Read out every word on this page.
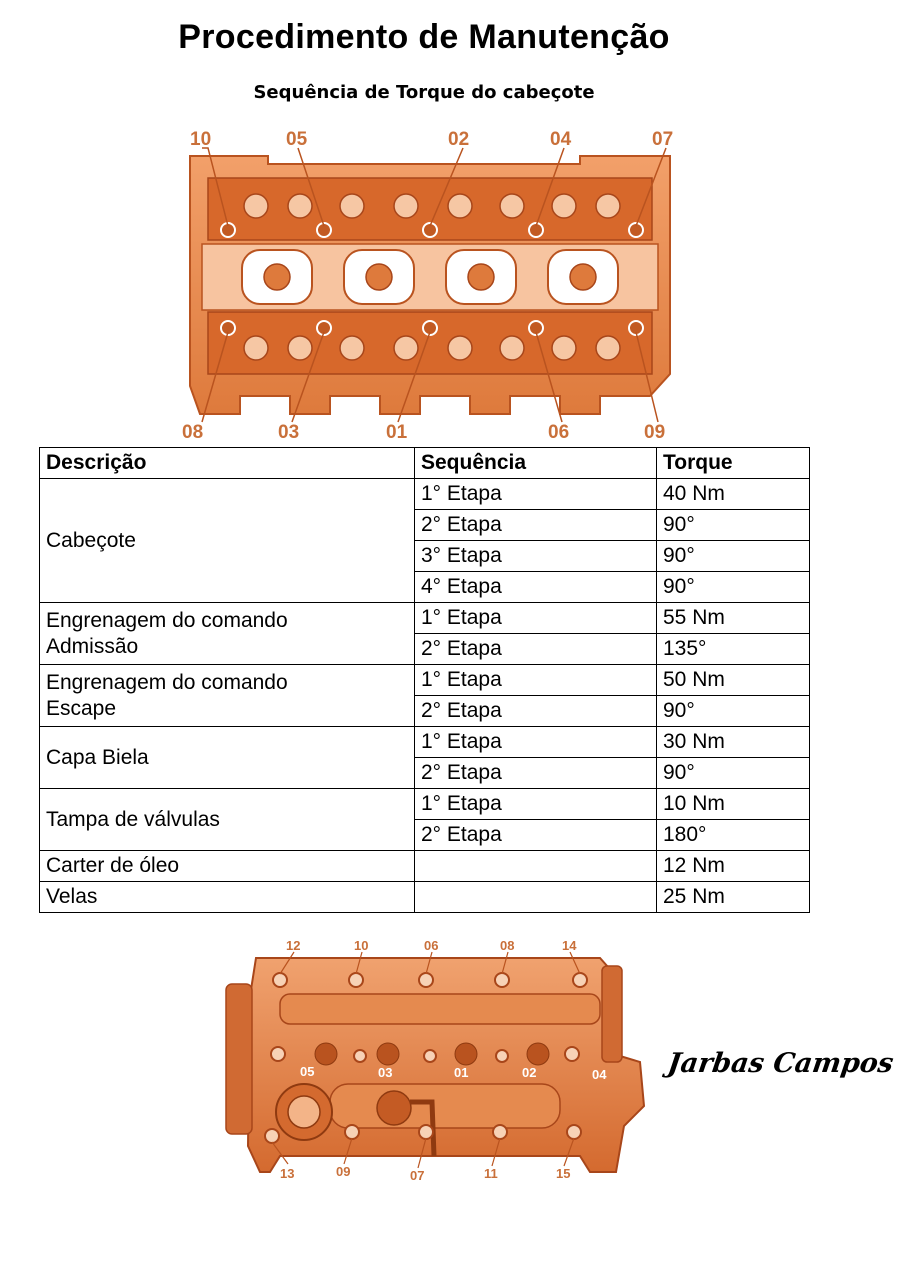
Procedimento de Manutenção
Sequência de Torque do cabeçote
10	05	02	04	07
08	03	01	06	09
Descrição	Sequência	Torque
Cabeçote	1° Etapa	40 Nm
	2° Etapa	90°
	3° Etapa	90°
	4° Etapa	90°
Engrenagem do comando
Admissão	1° Etapa	55 Nm
	2° Etapa	135°
Engrenagem do comando
Escape	1° Etapa	50 Nm
	2° Etapa	90°
Capa Biela	1° Etapa	30 Nm
	2° Etapa	90°
Tampa de válvulas	1° Etapa	10 Nm
	2° Etapa	180°
Carter de óleo		12 Nm
Velas		25 Nm
12	10	06	08	14
05	03	01	02	04
13	09	07	11	15
Jarbas Campos
